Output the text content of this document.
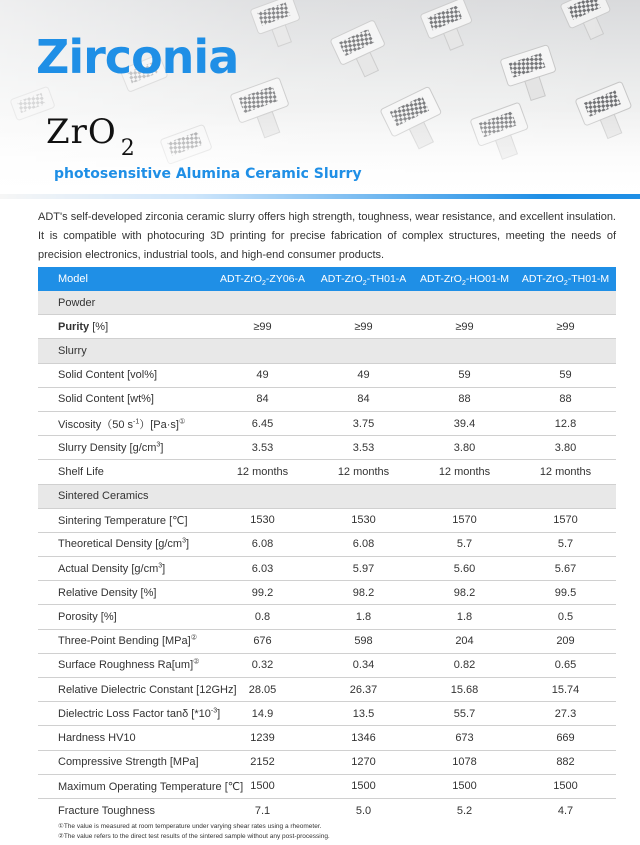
Zirconia
ZrO $_2$
photosensitive Alumina Ceramic Slurry

ADT's self-developed zirconia ceramic slurry offers high strength, toughness, wear resistance, and excellent insulation. It is compatible with photocuring 3D printing for precise fabrication of complex structures, meeting the needs of precision electronics, industrial tools, and high-end consumer products.

Model	ADT-ZrO$_2$-ZY06-A	ADT-ZrO$_2$-TH01-A	ADT-ZrO$_2$-HO01-M	ADT-ZrO$_2$-TH01-M
Powder
Purity [%]	≥99	≥99	≥99	≥99
Slurry
Solid Content [vol%]	49	49	59	59
Solid Content [wt%]	84	84	88	88
Viscosity（50 $s^{-1})[Pa\cdot s]^①$	6.45	3.75	39.4	12.8
Slurry Density $[g/cm^3]$	3.53	3.53	3.80	3.80
Shelf Life	12 months	12 months	12 months	12 months
Sintered Ceramics
Sintering Temperature [℃]	1530	1530	1570	1570
Theoretical Density $[g/cm^3]$	6.08	6.08	5.7	5.7
Actual Density $[g/cm^3]$	6.03	5.97	5.60	5.67
Relative Density [%]	99.2	98.2	98.2	99.5
Porosity [%]	0.8	1.8	1.8	0.5
Three-Point Bending [MPa]②	676	598	204	209
Surface Roughness Ra[um]②	0.32	0.34	0.82	0.65
Relative Dielectric Constant [12GHz]	28.05	26.37	15.68	15.74
Dielectric Loss Factor tanδ $[*10^{-3}]$	14.9	13.5	55.7	27.3
Hardness HV10	1239	1346	673	669
Compressive Strength [MPa]	2152	1270	1078	882
Maximum Operating Temperature [℃] 1500	1500	1500	1500
Fracture Toughness	7.1	5.0	5.2	4.7
①The value is measured at room temperature under varying shear rates using a rheometer.
②The value refers to the direct test results of the sintered sample without any post-processing.
